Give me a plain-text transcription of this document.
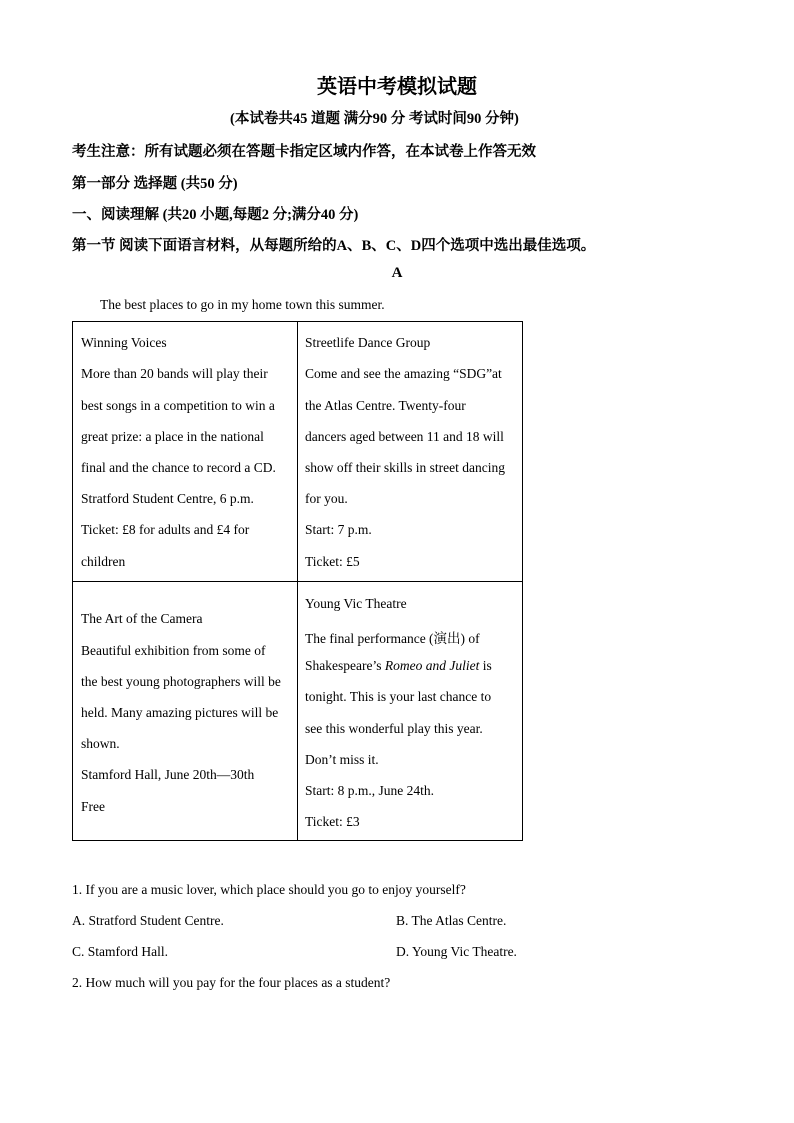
英语中考模拟试题
(本试卷共45 道题 满分90 分 考试时间90 分钟)
考生注意：所有试题必须在答题卡指定区域内作答，在本试卷上作答无效
第一部分 选择题 (共50 分)
一、阅读理解 (共20 小题,每题2 分;满分40 分)
第一节 阅读下面语言材料，从每题所给的A、B、C、D四个选项中选出最佳选项。
A
The best places to go in my home town this summer.
Winning Voices
More than 20 bands will play their
best songs in a competition to win a
great prize: a place in the national
final and the chance to record a CD.
Stratford Student Centre, 6 p.m.
Ticket: £8 for adults and £4 for
children
Streetlife Dance Group
Come and see the amazing “SDG”at
the Atlas Centre. Twenty-four
dancers aged between 11 and 18 will
show off their skills in street dancing
for you.
Start: 7 p.m.
Ticket: £5
The Art of the Camera
Beautiful exhibition from some of
the best young photographers will be
held. Many amazing pictures will be
shown.
Stamford Hall, June 20th—30th
Free
Young Vic Theatre
The final performance (演出) of
Shakespeare’s Romeo and Juliet is
tonight. This is your last chance to
see this wonderful play this year.
Don’t miss it.
Start: 8 p.m., June 24th.
Ticket: £3
1. If you are a music lover, which place should you go to enjoy yourself?
A. Stratford Student Centre.	B. The Atlas Centre.
C. Stamford Hall.	D. Young Vic Theatre.
2. How much will you pay for the four places as a student?
